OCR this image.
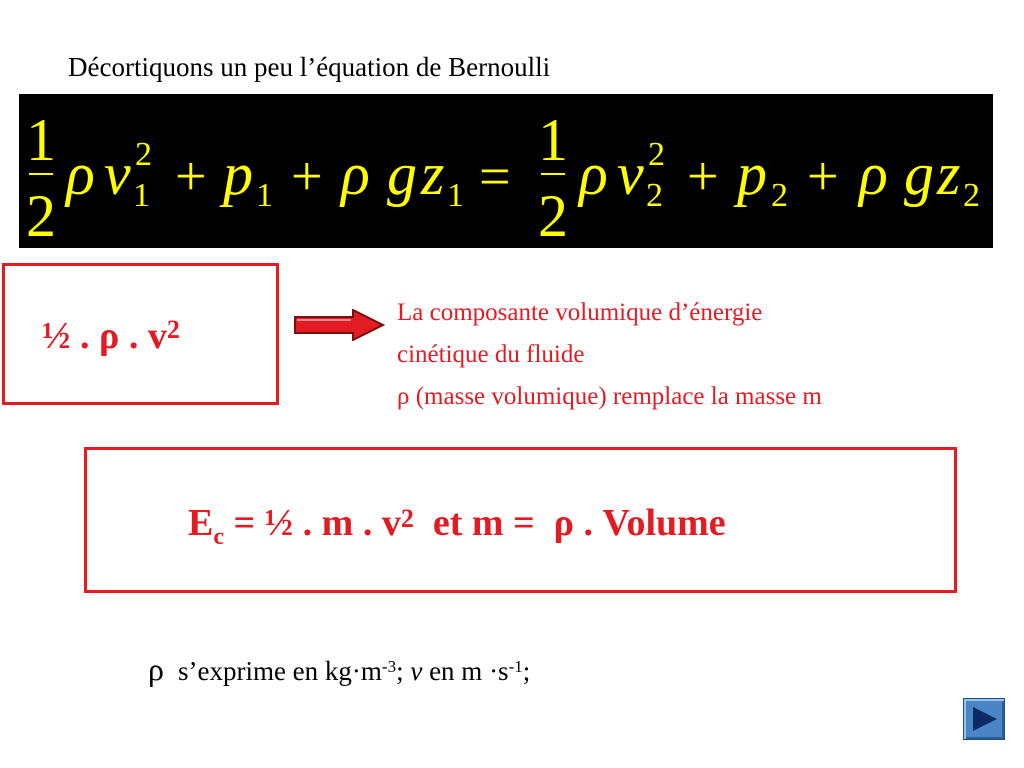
Décortiquons un peu l’équation de Bernoulli
1
2
ρ v 2
1 + p 1 + ρ g z 1 =
1
2
ρ v 2
2 + p 2 + ρ g z 2
½ . ρ . $v^2$
La composante volumique d’énergie
cinétique du fluide
ρ (masse volumique) remplace la masse m
$E_c$ = ½ . m . $v^2$  et m =  ρ . Volume
ρ s’exprime en $kg\cdot m^{-3}$; v en $m \cdot s^{-1}$;
